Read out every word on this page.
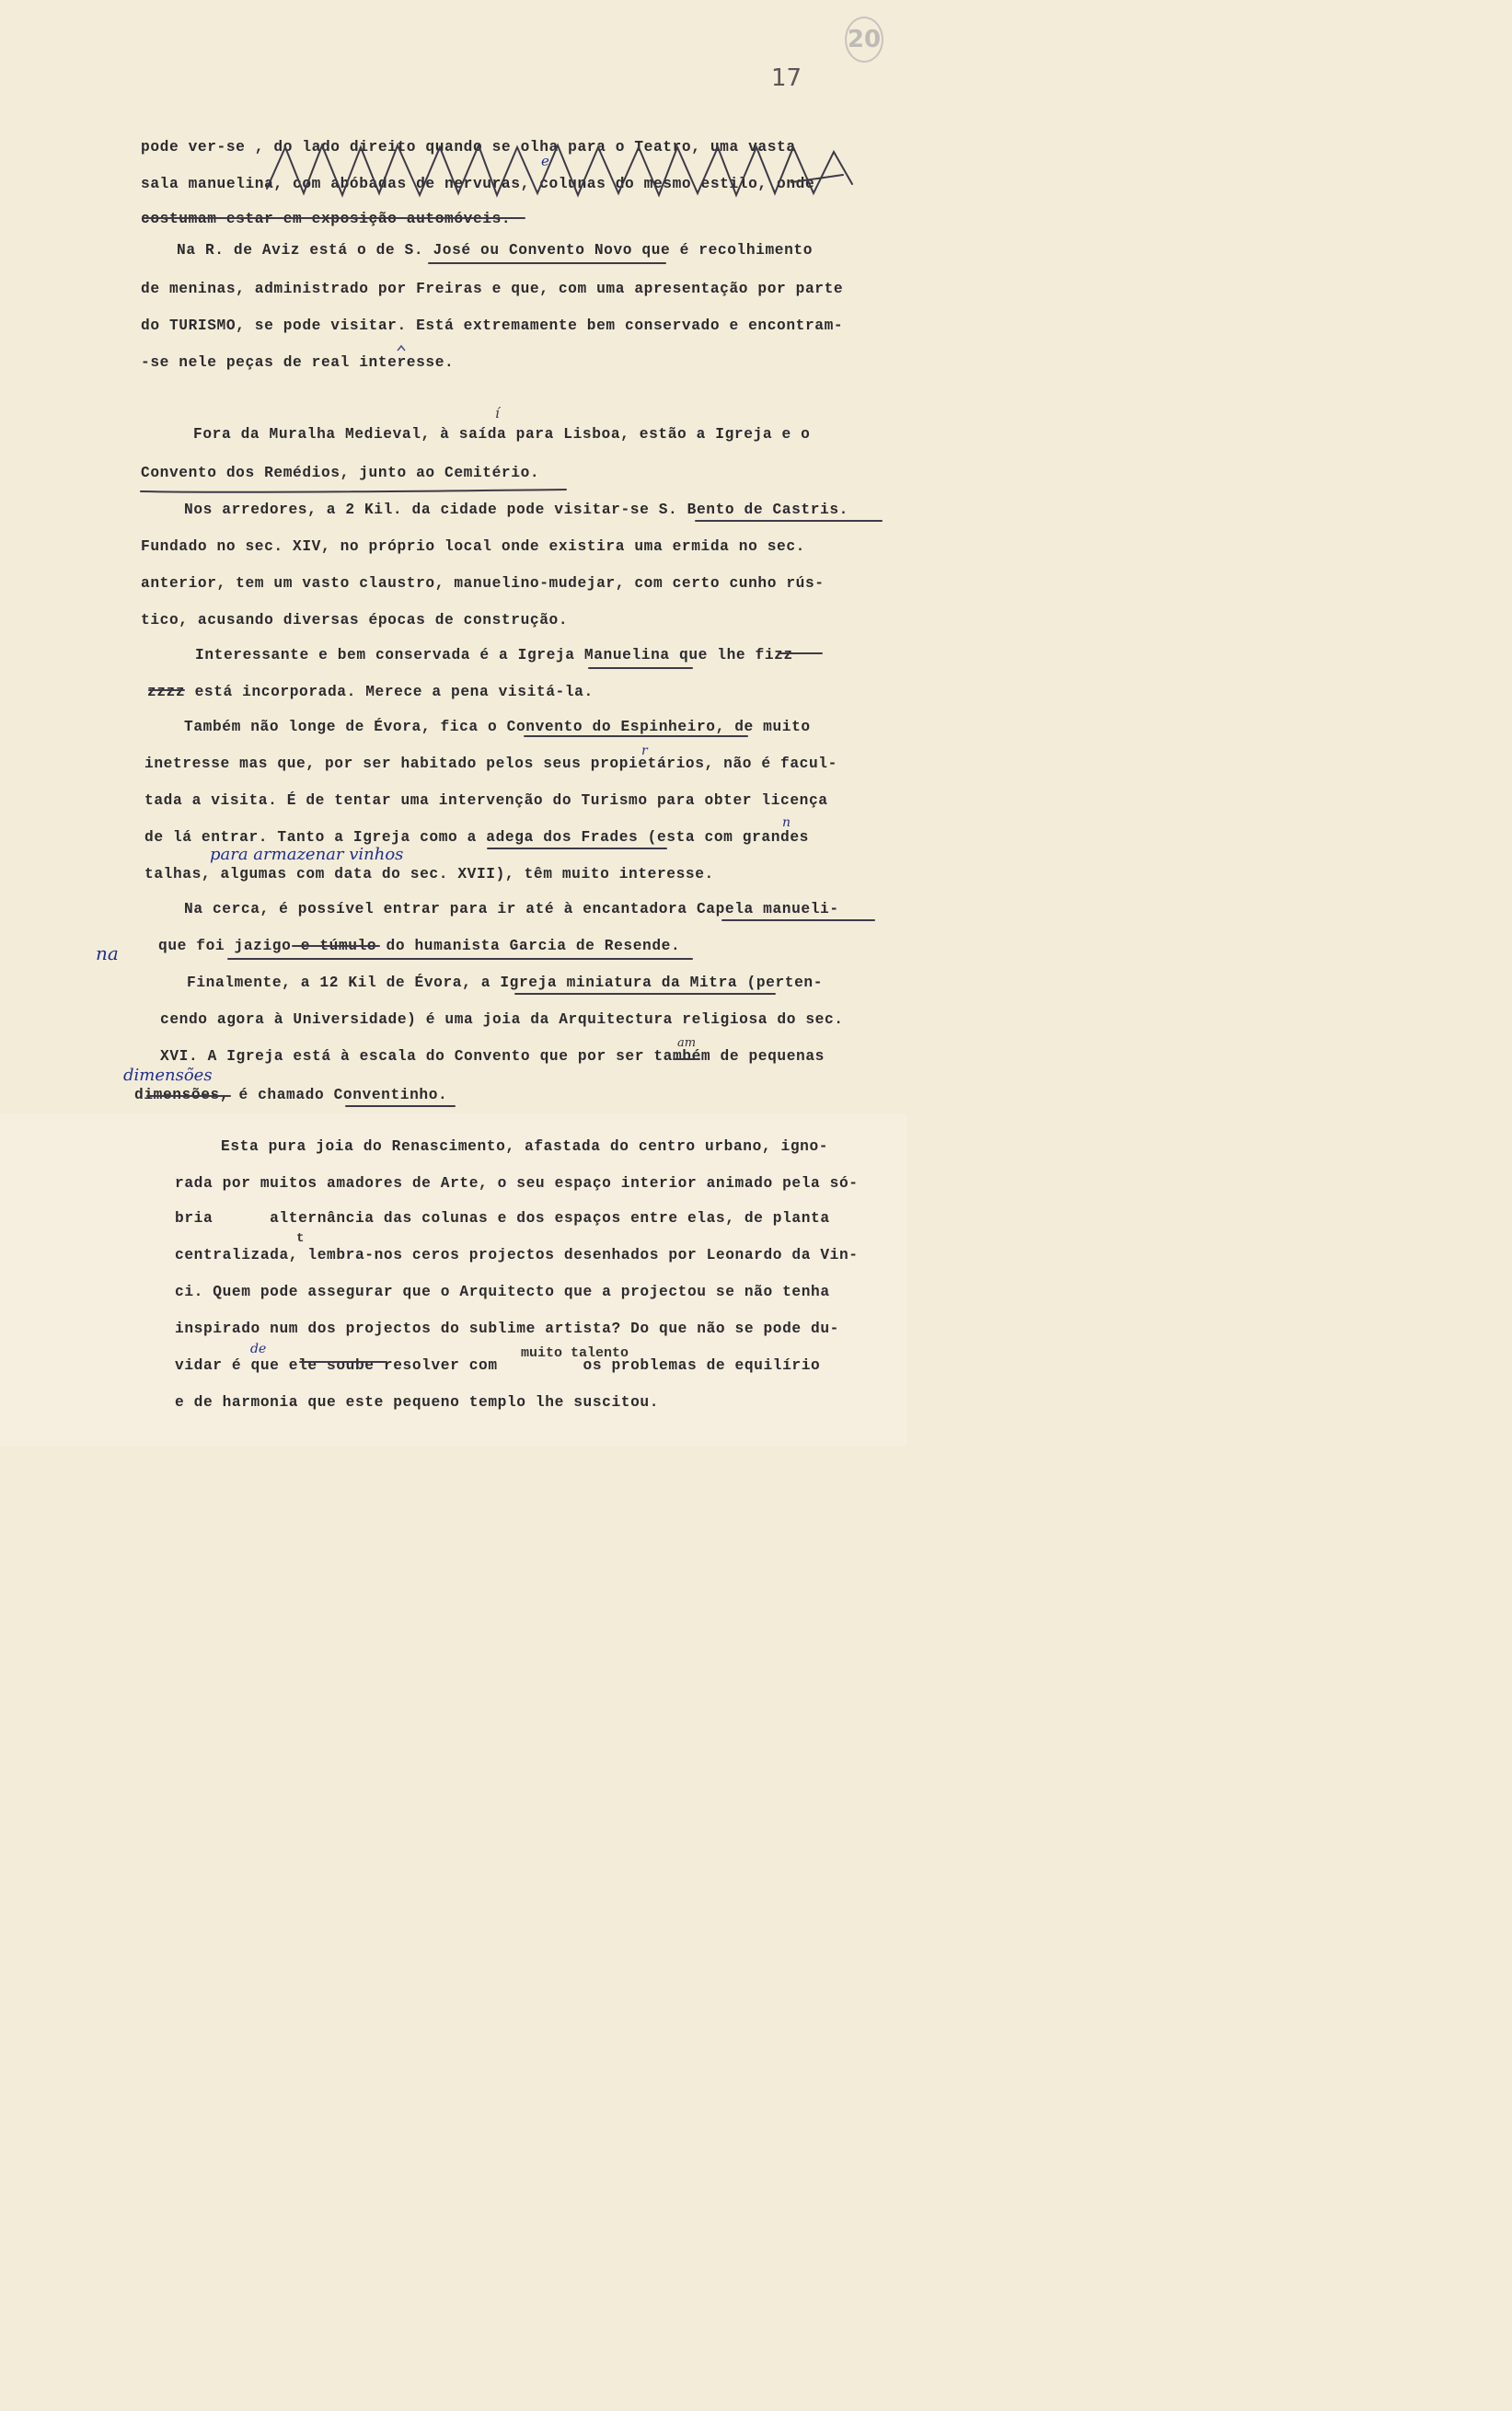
20
17
pode ver-se , do lado direito quando se olha para o Teatro, uma vasta
sala manuelina, com abóbadas de nervuras, colunas do mesmo estilo, onde
costumam estar em exposição automóveis.
Na R. de Aviz está o de S. José ou Convento Novo que é recolhimento
de meninas, administrado por Freiras e que, com uma apresentação por parte
do TURISMO, se pode visitar. Está extremamente bem conservado e encontram-
-se nele peças de real interesse.
Fora da Muralha Medieval, à saída para Lisboa, estão a Igreja e o
Convento dos Remédios, junto ao Cemitério.
Nos arredores, a 2 Kil. da cidade pode visitar-se S. Bento de Castris.
Fundado no sec. XIV, no próprio local onde existira uma ermida no sec.
anterior, tem um vasto claustro, manuelino-mudejar, com certo cunho rús-
tico, acusando diversas épocas de construção.
Interessante e bem conservada é a Igreja Manuelina que lhe fizz
zzzz está incorporada. Merece a pena visitá-la.
Também não longe de Évora, fica o Convento do Espinheiro, de muito
inetresse mas que, por ser habitado pelos seus propietários, não é facul-
tada a visita. É de tentar uma intervenção do Turismo para obter licença
de lá entrar. Tanto a Igreja como a adega dos Frades (esta com grandes
talhas, algumas com data do sec. XVII), têm muito interesse.
Na cerca, é possível entrar para ir até à encantadora Capela manueli-
que foi jazigo e túmulo do humanista Garcia de Resende.
Finalmente, a 12 Kil de Évora, a Igreja miniatura da Mitra (perten-
cendo agora à Universidade) é uma joia da Arquitectura religiosa do sec.
XVI. A Igreja está à escala do Convento que por ser também de pequenas
dimensões, é chamado Conventinho.
Esta pura joia do Renascimento, afastada do centro urbano, igno-
rada por muitos amadores de Arte, o seu espaço interior animado pela só-
bria      alternância das colunas e dos espaços entre elas, de planta
centralizada, lembra-nos ceros projectos desenhados por Leonardo da Vin-
ci. Quem pode assegurar que o Arquitecto que a projectou se não tenha
inspirado num dos projectos do sublime artista? Do que não se pode du-
vidar é que ele soube resolver com         os problemas de equilírio
e de harmonia que este pequeno templo lhe suscitou.
e
í
r
n
para armazenar vinhos
na
am
dimensões
t
de	muito talento
